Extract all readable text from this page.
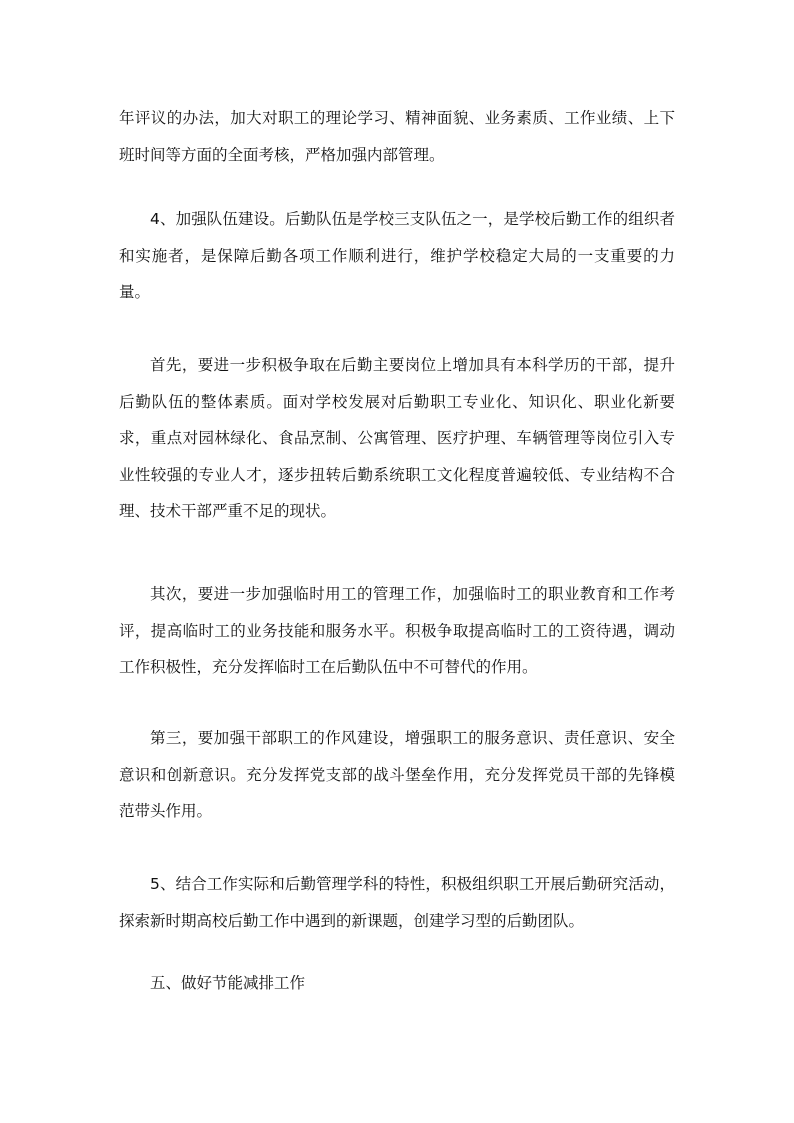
年评议的办法，加大对职工的理论学习、精神面貌、业务素质、工作业绩、上下班时间等方面的全面考核，严格加强内部管理。

4、加强队伍建设。后勤队伍是学校三支队伍之一，是学校后勤工作的组织者和实施者，是保障后勤各项工作顺利进行，维护学校稳定大局的一支重要的力量。

首先，要进一步积极争取在后勤主要岗位上增加具有本科学历的干部，提升后勤队伍的整体素质。面对学校发展对后勤职工专业化、知识化、职业化新要求，重点对园林绿化、食品烹制、公寓管理、医疗护理、车辆管理等岗位引入专业性较强的专业人才，逐步扭转后勤系统职工文化程度普遍较低、专业结构不合理、技术干部严重不足的现状。

其次，要进一步加强临时用工的管理工作，加强临时工的职业教育和工作考评，提高临时工的业务技能和服务水平。积极争取提高临时工的工资待遇，调动工作积极性，充分发挥临时工在后勤队伍中不可替代的作用。

第三，要加强干部职工的作风建设，增强职工的服务意识、责任意识、安全意识和创新意识。充分发挥党支部的战斗堡垒作用，充分发挥党员干部的先锋模范带头作用。

5、结合工作实际和后勤管理学科的特性，积极组织职工开展后勤研究活动，探索新时期高校后勤工作中遇到的新课题，创建学习型的后勤团队。

五、做好节能减排工作
